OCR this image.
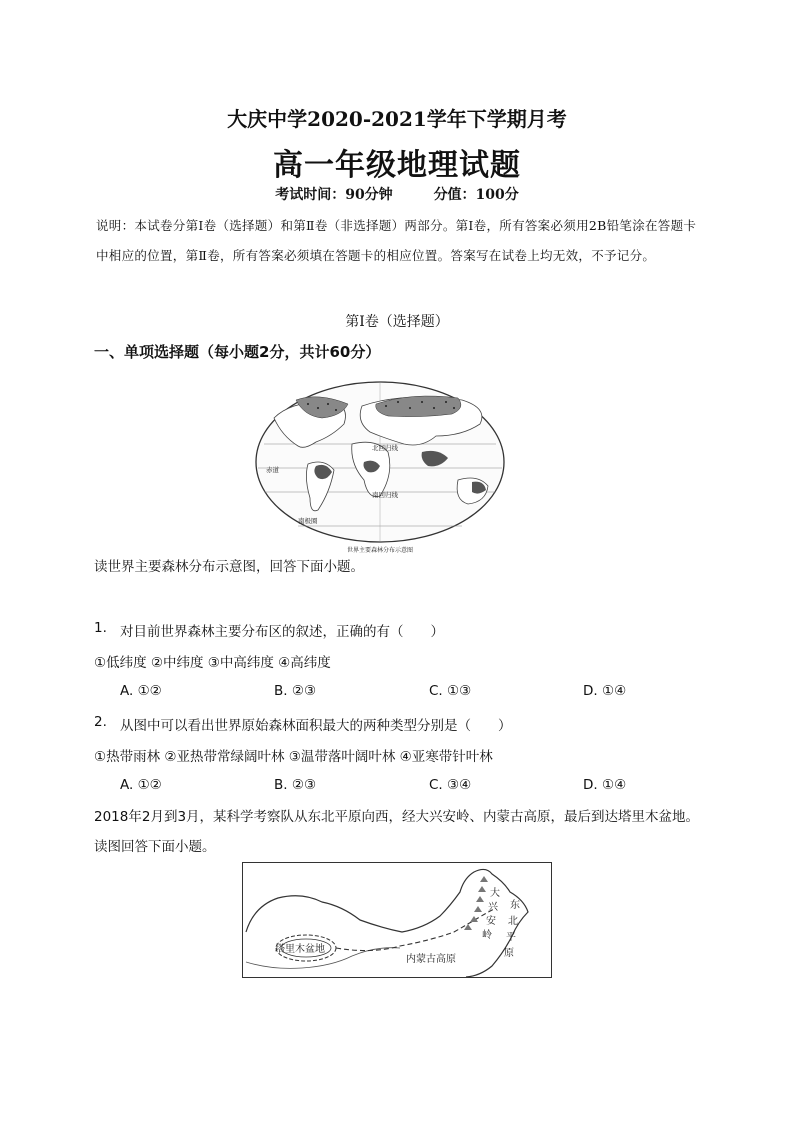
大庆中学2020-2021学年下学期月考
高一年级地理试题
考试时间：90分钟	分值：100分
说明：本试卷分第Ⅰ卷（选择题）和第Ⅱ卷（非选择题）两部分。第Ⅰ卷，所有答案必须用2B铅笔涂在答题卡中相应的位置，第Ⅱ卷，所有答案必须填在答题卡的相应位置。答案写在试卷上均无效，不予记分。
第Ⅰ卷（选择题）
一、单项选择题（每小题2分，共计60分）
北回归线
赤道
南回归线
南极圈
世界主要森林分布示意图
读世界主要森林分布示意图，回答下面小题。
1. 对目前世界森林主要分布区的叙述，正确的有（　　）
①低纬度 ②中纬度 ③中高纬度 ④高纬度
A. ①②	B. ②③	C. ①③	D. ①④
2. 从图中可以看出世界原始森林面积最大的两种类型分别是（　　）
①热带雨林 ②亚热带常绿阔叶林 ③温带落叶阔叶林 ④亚寒带针叶林
A. ①②	B. ②③	C. ③④	D. ①④
2018年2月到3月，某科学考察队从东北平原向西，经大兴安岭、内蒙古高原，最后到达塔里木盆地。读图回答下面小题。
塔里木盆地
内蒙古高原
大
兴
安
岭
东
北
平
原
